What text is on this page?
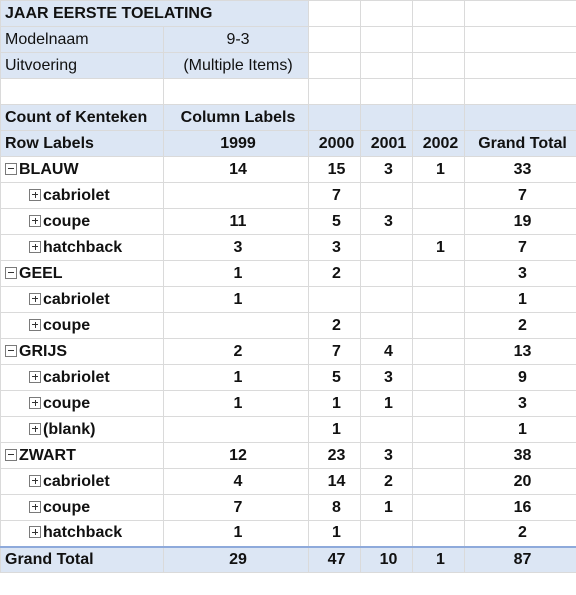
JAAR EERSTE TOELATING					
Modelnaam	9-3				
Uitvoering	(Multiple Items)				

Count of Kenteken	Column Labels				
Row Labels	1999	2000	2001	2002	Grand Total
BLAUW	14	15	3	1	33
cabriolet		7			7
coupe	11	5	3		19
hatchback	3	3		1	7
GEEL	1	2			3
cabriolet	1				1
coupe		2			2
GRIJS	2	7	4		13
cabriolet	1	5	3		9
coupe	1	1	1		3
(blank)		1			1
ZWART	12	23	3		38
cabriolet	4	14	2		20
coupe	7	8	1		16
hatchback	1	1			2
Grand Total	29	47	10	1	87
